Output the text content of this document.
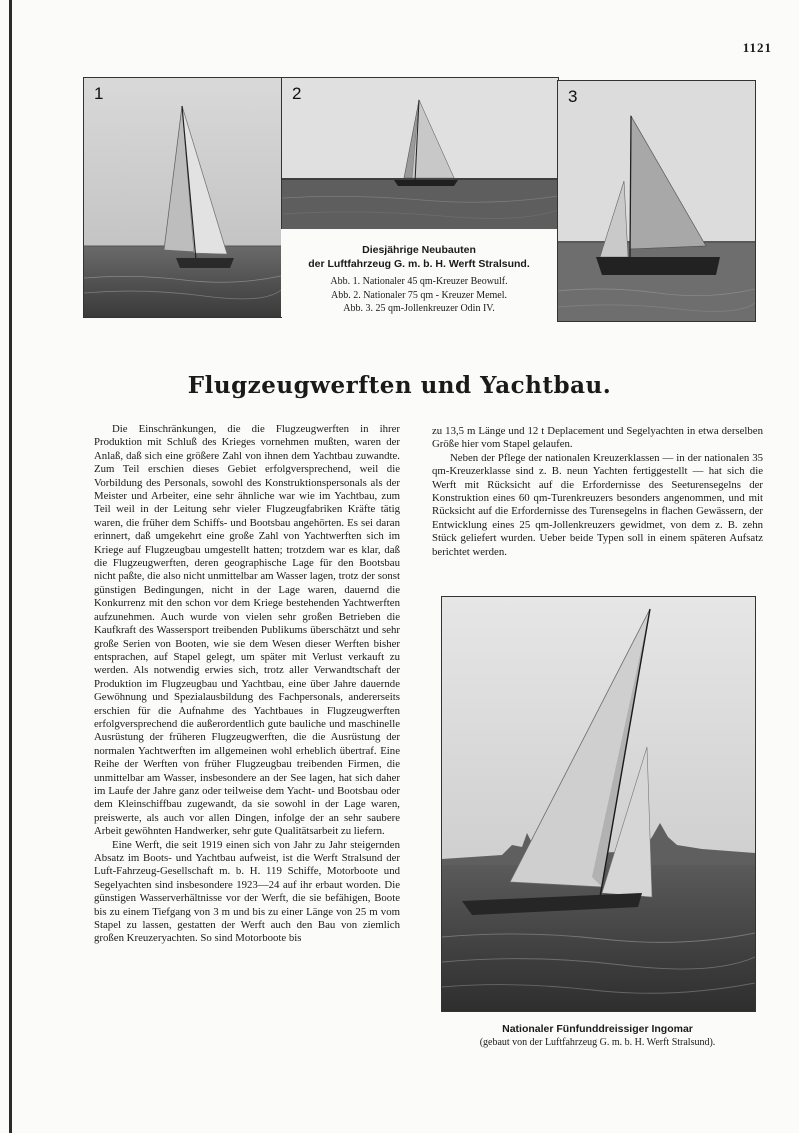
1121
1	2	3
Diesjährige Neubauten
der Luftfahrzeug G. m. b. H. Werft Stralsund.
Abb. 1. Nationaler 45 qm-Kreuzer Beowulf.
Abb. 2. Nationaler 75 qm - Kreuzer Memel.
Abb. 3. 25 qm-Jollenkreuzer Odin IV.
Flugzeugwerften und Yachtbau.

Die Einschränkungen, die die Flugzeugwerften in ihrer Produktion mit Schluß des Krieges vornehmen mußten, waren der Anlaß, daß sich eine größere Zahl von ihnen dem Yachtbau zuwandte. Zum Teil erschien dieses Gebiet erfolgversprechend, weil die Vorbildung des Personals, sowohl des Konstruktionspersonals als der Meister und Arbeiter, eine sehr ähnliche war wie im Yachtbau, zum Teil weil in der Leitung sehr vieler Flugzeugfabriken Kräfte tätig waren, die früher dem Schiffs- und Bootsbau angehörten. Es sei daran erinnert, daß umgekehrt eine große Zahl von Yachtwerften sich im Kriege auf Flugzeugbau umgestellt hatten; trotzdem war es klar, daß die Flugzeugwerften, deren geographische Lage für den Bootsbau nicht paßte, die also nicht unmittelbar am Wasser lagen, trotz der sonst günstigen Bedingungen, nicht in der Lage waren, dauernd die Konkurrenz mit den schon vor dem Kriege bestehenden Yachtwerften aufzunehmen. Auch wurde von vielen sehr großen Betrieben die Kaufkraft des Wassersport treibenden Publikums überschätzt und sehr große Serien von Booten, wie sie dem Wesen dieser Werften bisher entsprachen, auf Stapel gelegt, um später mit Verlust verkauft zu werden. Als notwendig erwies sich, trotz aller Verwandtschaft der Produktion im Flugzeugbau und Yachtbau, eine über Jahre dauernde Gewöhnung und Spezialausbildung des Fachpersonals, andererseits erschien für die Aufnahme des Yachtbaues in Flugzeugwerften erfolgversprechend die außerordentlich gute bauliche und maschinelle Ausrüstung der früheren Flugzeugwerften, die die Ausrüstung der normalen Yachtwerften im allgemeinen wohl erheblich übertraf. Eine Reihe der Werften von früher Flugzeugbau treibenden Firmen, die unmittelbar am Wasser, insbesondere an der See lagen, hat sich daher im Laufe der Jahre ganz oder teilweise dem Yacht- und Bootsbau oder dem Kleinschiffbau zugewandt, da sie sowohl in der Lage waren, preiswerte, als auch vor allen Dingen, infolge der an sehr saubere Arbeit gewöhnten Handwerker, sehr gute Qualitätsarbeit zu liefern.

Eine Werft, die seit 1919 einen sich von Jahr zu Jahr steigernden Absatz im Boots- und Yachtbau aufweist, ist die Werft Stralsund der Luft-Fahrzeug-Gesellschaft m. b. H. 119 Schiffe, Motorboote und Segelyachten sind insbesondere 1923—24 auf ihr erbaut worden. Die günstigen Wasserverhältnisse vor der Werft, die sie befähigen, Boote bis zu einem Tiefgang von 3 m und bis zu einer Länge von 25 m vom Stapel zu lassen, gestatten der Werft auch den Bau von ziemlich großen Kreuzeryachten. So sind Motorboote bis

zu 13,5 m Länge und 12 t Deplacement und Segelyachten in etwa derselben Größe hier vom Stapel gelaufen.

Neben der Pflege der nationalen Kreuzerklassen — in der nationalen 35 qm-Kreuzerklasse sind z. B. neun Yachten fertiggestellt — hat sich die Werft mit Rücksicht auf die Erfordernisse des Seeturensegelns der Konstruktion eines 60 qm-Turenkreuzers besonders angenommen, und mit Rücksicht auf die Erfordernisse des Turensegelns in flachen Gewässern, der Entwicklung eines 25 qm-Jollenkreuzers gewidmet, von dem z. B. zehn Stück geliefert wurden. Ueber beide Typen soll in einem späteren Aufsatz berichtet werden.

Nationaler Fünfunddreissiger Ingomar
(gebaut von der Luftfahrzeug G. m. b. H. Werft Stralsund).
